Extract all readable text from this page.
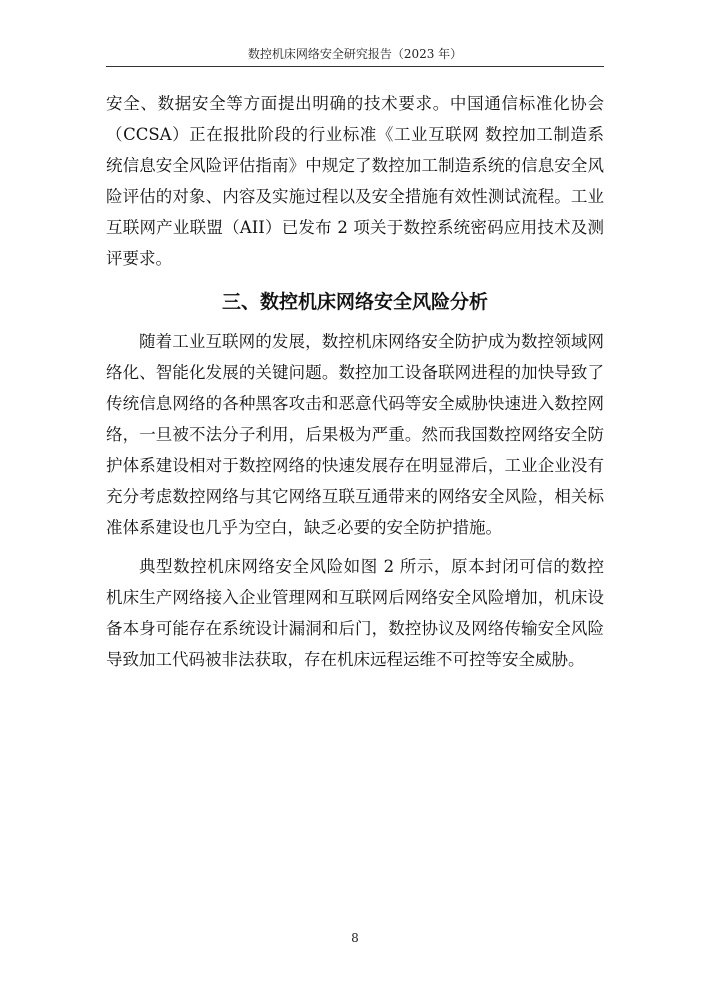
数控机床网络安全研究报告（2023 年）

安全、数据安全等方面提出明确的技术要求。中国通信标准化协会（CCSA）正在报批阶段的行业标准《工业互联网 数控加工制造系统信息安全风险评估指南》中规定了数控加工制造系统的信息安全风险评估的对象、内容及实施过程以及安全措施有效性测试流程。工业互联网产业联盟（AII）已发布 2 项关于数控系统密码应用技术及测评要求。

三、数控机床网络安全风险分析

随着工业互联网的发展，数控机床网络安全防护成为数控领域网络化、智能化发展的关键问题。数控加工设备联网进程的加快导致了传统信息网络的各种黑客攻击和恶意代码等安全威胁快速进入数控网络，一旦被不法分子利用，后果极为严重。然而我国数控网络安全防护体系建设相对于数控网络的快速发展存在明显滞后，工业企业没有充分考虑数控网络与其它网络互联互通带来的网络安全风险，相关标准体系建设也几乎为空白，缺乏必要的安全防护措施。

典型数控机床网络安全风险如图 2 所示，原本封闭可信的数控机床生产网络接入企业管理网和互联网后网络安全风险增加，机床设备本身可能存在系统设计漏洞和后门，数控协议及网络传输安全风险导致加工代码被非法获取，存在机床远程运维不可控等安全威胁。

8
